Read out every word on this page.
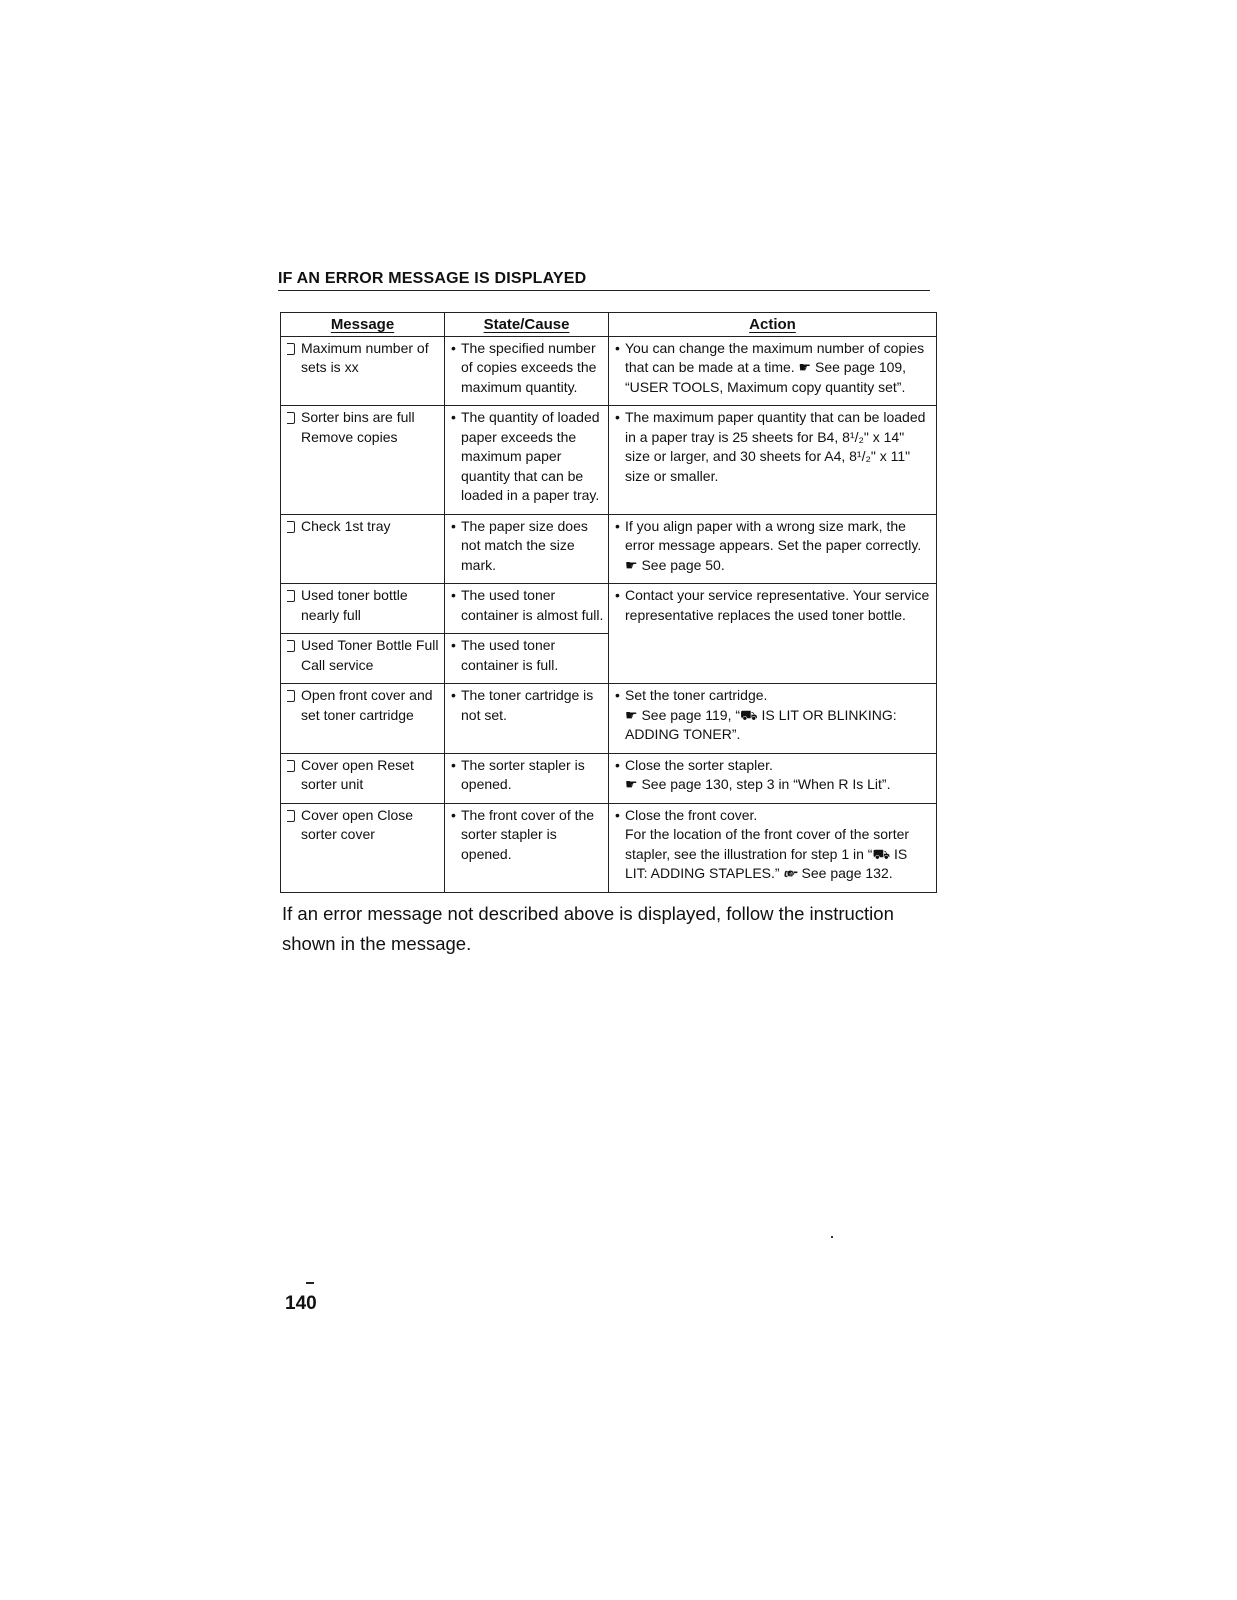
IF AN ERROR MESSAGE IS DISPLAYED
Message	State/Cause	Action

Maximum number of sets is xx	• The specified number of copies exceeds the maximum quantity.	• You can change the maximum number of copies that can be made at a time. ☛ See page 109, “USER TOOLS, Maximum copy quantity set”.

Sorter bins are full Remove copies	• The quantity of loaded paper exceeds the maximum paper quantity that can be loaded in a paper tray.	• The maximum paper quantity that can be loaded in a paper tray is 25 sheets for B4, 8¹/₂" x 14" size or larger, and 30 sheets for A4, 8¹/₂" x 11" size or smaller.

Check 1st tray	• The paper size does not match the size mark.	• If you align paper with a wrong size mark, the error message appears. Set the paper correctly. ☛ See page 50.

Used toner bottle nearly full	• The used toner container is almost full.	• Contact your service representative. Your service representative replaces the used toner bottle.

Used Toner Bottle Full Call service	• The used toner container is full.

Open front cover and set toner cartridge	• The toner cartridge is not set.	• Set the toner cartridge.
☛ See page 119, “⛟ IS LIT OR BLINKING: ADDING TONER”.

Cover open Reset sorter unit	• The sorter stapler is opened.	• Close the sorter stapler.
☛ See page 130, step 3 in “When R Is Lit”.

Cover open Close sorter cover	• The front cover of the sorter stapler is opened.	• Close the front cover.
For the location of the front cover of the sorter stapler, see the illustration for step 1 in “⛟ IS LIT: ADDING STAPLES.” ☛ See page 132.
If an error message not described above is displayed, follow the instruction shown in the message.
140
